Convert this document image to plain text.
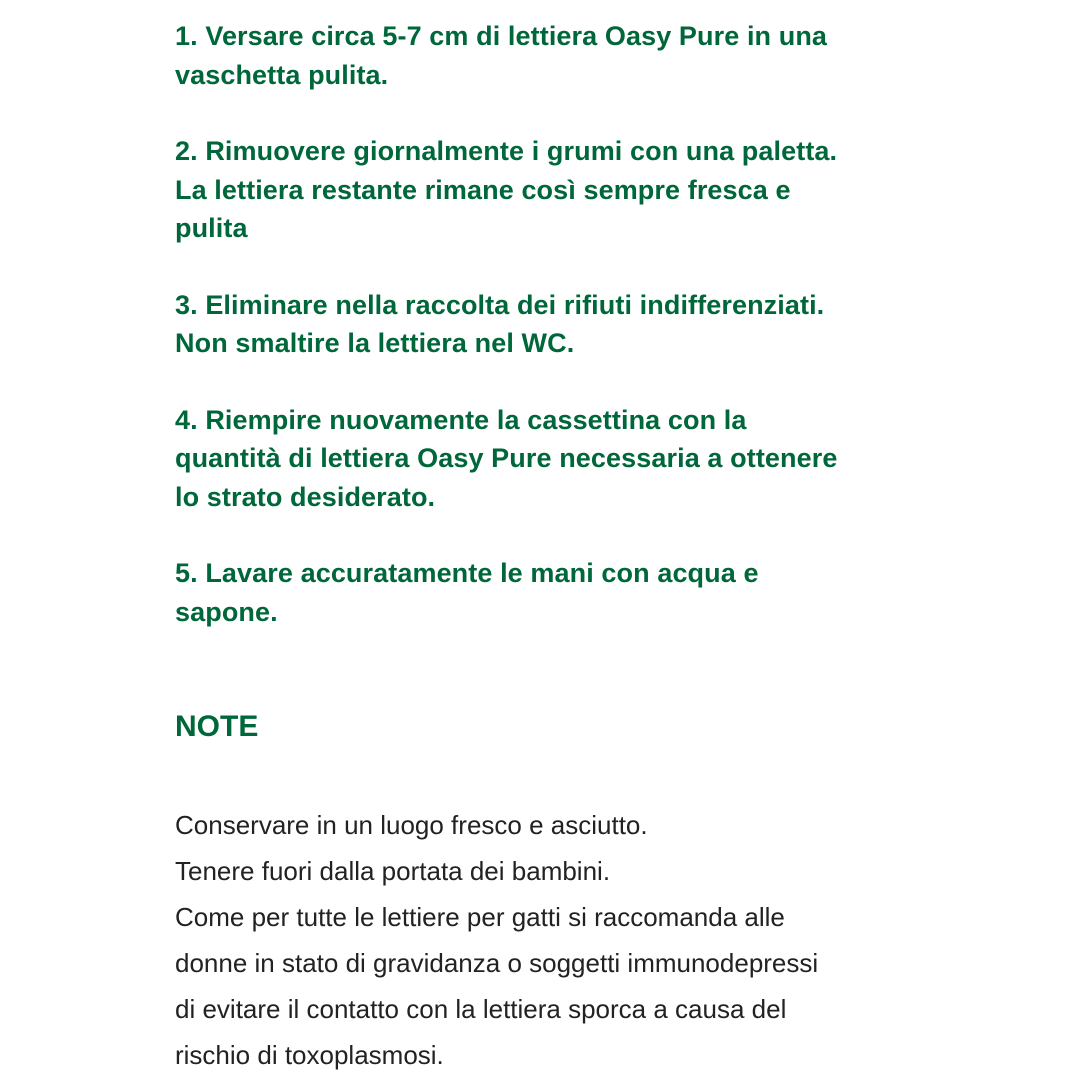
1. Versare circa 5-7 cm di lettiera Oasy Pure in una
vaschetta pulita.
2. Rimuovere giornalmente i grumi con una paletta.
La lettiera restante rimane così sempre fresca e
pulita
3. Eliminare nella raccolta dei rifiuti indifferenziati.
Non smaltire la lettiera nel WC.
4. Riempire nuovamente la cassettina con la
quantità di lettiera Oasy Pure necessaria a ottenere
lo strato desiderato.
5. Lavare accuratamente le mani con acqua e
sapone.
NOTE
Conservare in un luogo fresco e asciutto.
Tenere fuori dalla portata dei bambini.
Come per tutte le lettiere per gatti si raccomanda alle
donne in stato di gravidanza o soggetti immunodepressi
di evitare il contatto con la lettiera sporca a causa del
rischio di toxoplasmosi.
